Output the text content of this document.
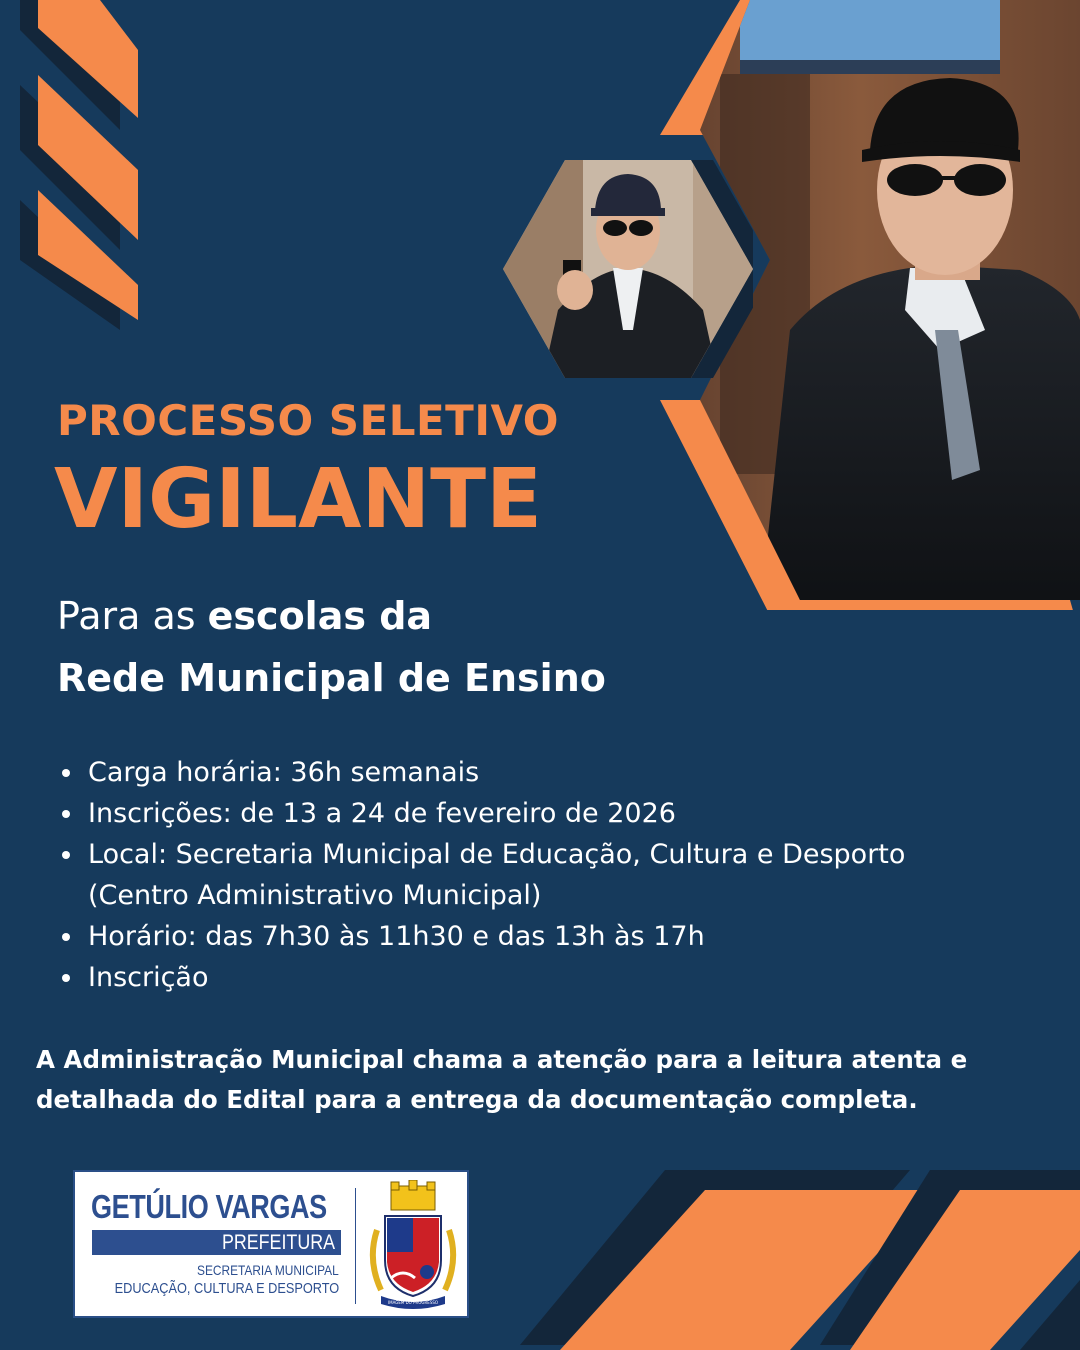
PROCESSO SELETIVO
VIGILANTE
Para as escolas da
Rede Municipal de Ensino
Carga horária: 36h semanais
Inscrições: de 13 a 24 de fevereiro de 2026
Local: Secretaria Municipal de Educação, Cultura e Desporto (Centro Administrativo Municipal)
Horário: das 7h30 às 11h30 e das 13h às 17h
Inscrição
A Administração Municipal chama a atenção para a leitura atenta e detalhada do Edital para a entrega da documentação completa.
GETÚLIO VARGAS
PREFEITURA
SECRETARIA MUNICIPAL
EDUCAÇÃO, CULTURA E DESPORTO
IMAGEM DO PROGRESSO
